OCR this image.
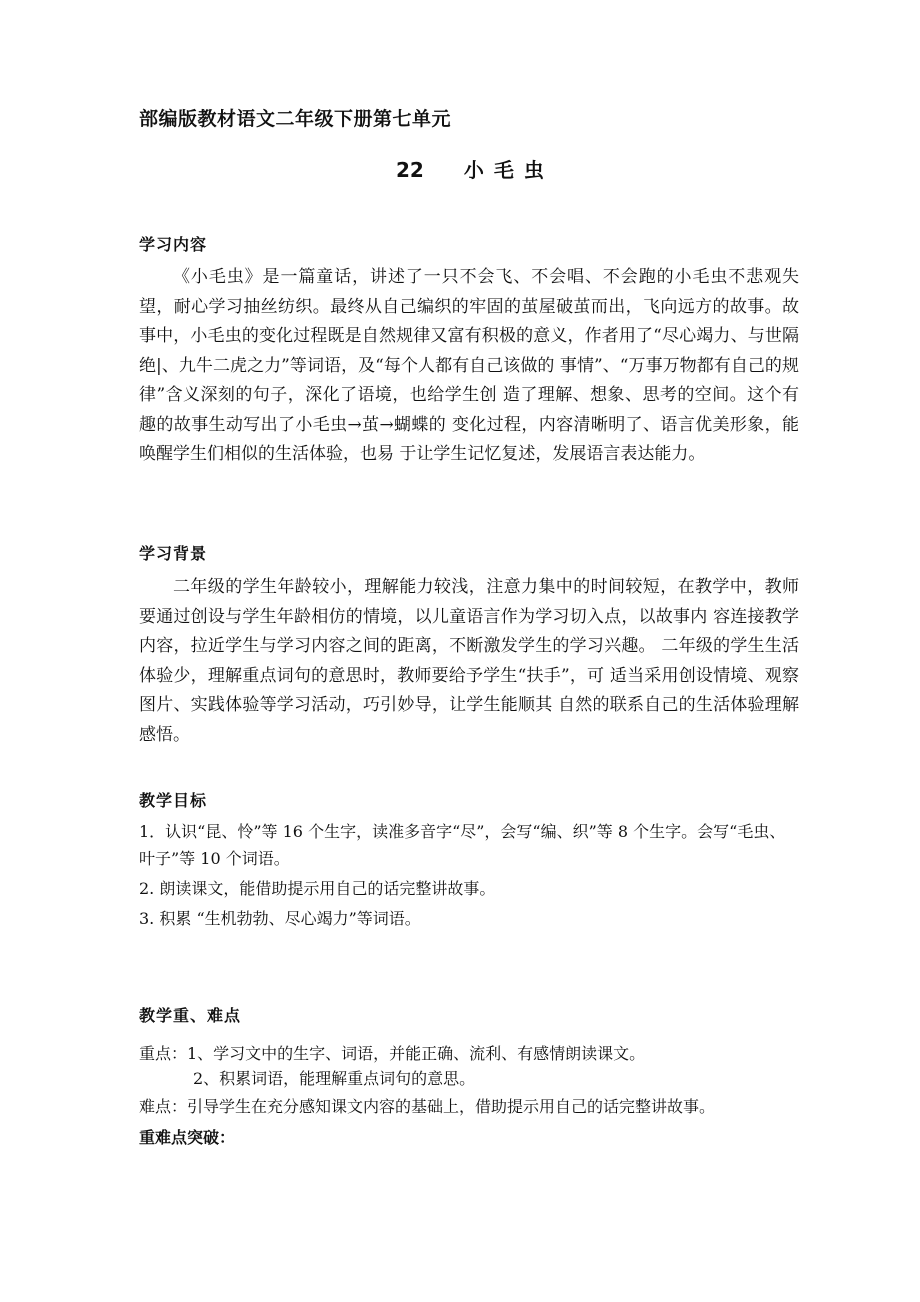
部编版教材语文二年级下册第七单元
22 小毛虫
学习内容
《小毛虫》是一篇童话，讲述了一只不会飞、不会唱、不会跑的小毛虫不悲观失望，耐心学习抽丝纺织。最终从自己编织的牢固的茧屋破茧而出，飞向远方的故事。故事中，小毛虫的变化过程既是自然规律又富有积极的意义，作者用了“尽心竭力、与世隔绝|、九牛二虎之力”等词语，及“每个人都有自己该做的 事情”、“万事万物都有自己的规律”含义深刻的句子，深化了语境，也给学生创 造了理解、想象、思考的空间。这个有趣的故事生动写出了小毛虫→茧→蝴蝶的 变化过程，内容清晰明了、语言优美形象，能唤醒学生们相似的生活体验，也易 于让学生记忆复述，发展语言表达能力。
学习背景
二年级的学生年龄较小，理解能力较浅，注意力集中的时间较短，在教学中，教师要通过创设与学生年龄相仿的情境，以儿童语言作为学习切入点，以故事内 容连接教学内容，拉近学生与学习内容之间的距离，不断激发学生的学习兴趣。 二年级的学生生活体验少，理解重点词句的意思时，教师要给予学生“扶手”，可 适当采用创设情境、观察图片、实践体验等学习活动，巧引妙导，让学生能顺其 自然的联系自己的生活体验理解感悟。
教学目标
1．认识“昆、怜”等 16 个生字，读准多音字“尽”，会写“编、织”等 8 个生字。会写“毛虫、叶子”等 10 个词语。
2. 朗读课文，能借助提示用自己的话完整讲故事。
3. 积累 “生机勃勃、尽心竭力”等词语。
教学重、难点
重点：1、学习文中的生字、词语，并能正确、流利、有感情朗读课文。
2、积累词语，能理解重点词句的意思。
难点：引导学生在充分感知课文内容的基础上，借助提示用自己的话完整讲故事。
重难点突破：
